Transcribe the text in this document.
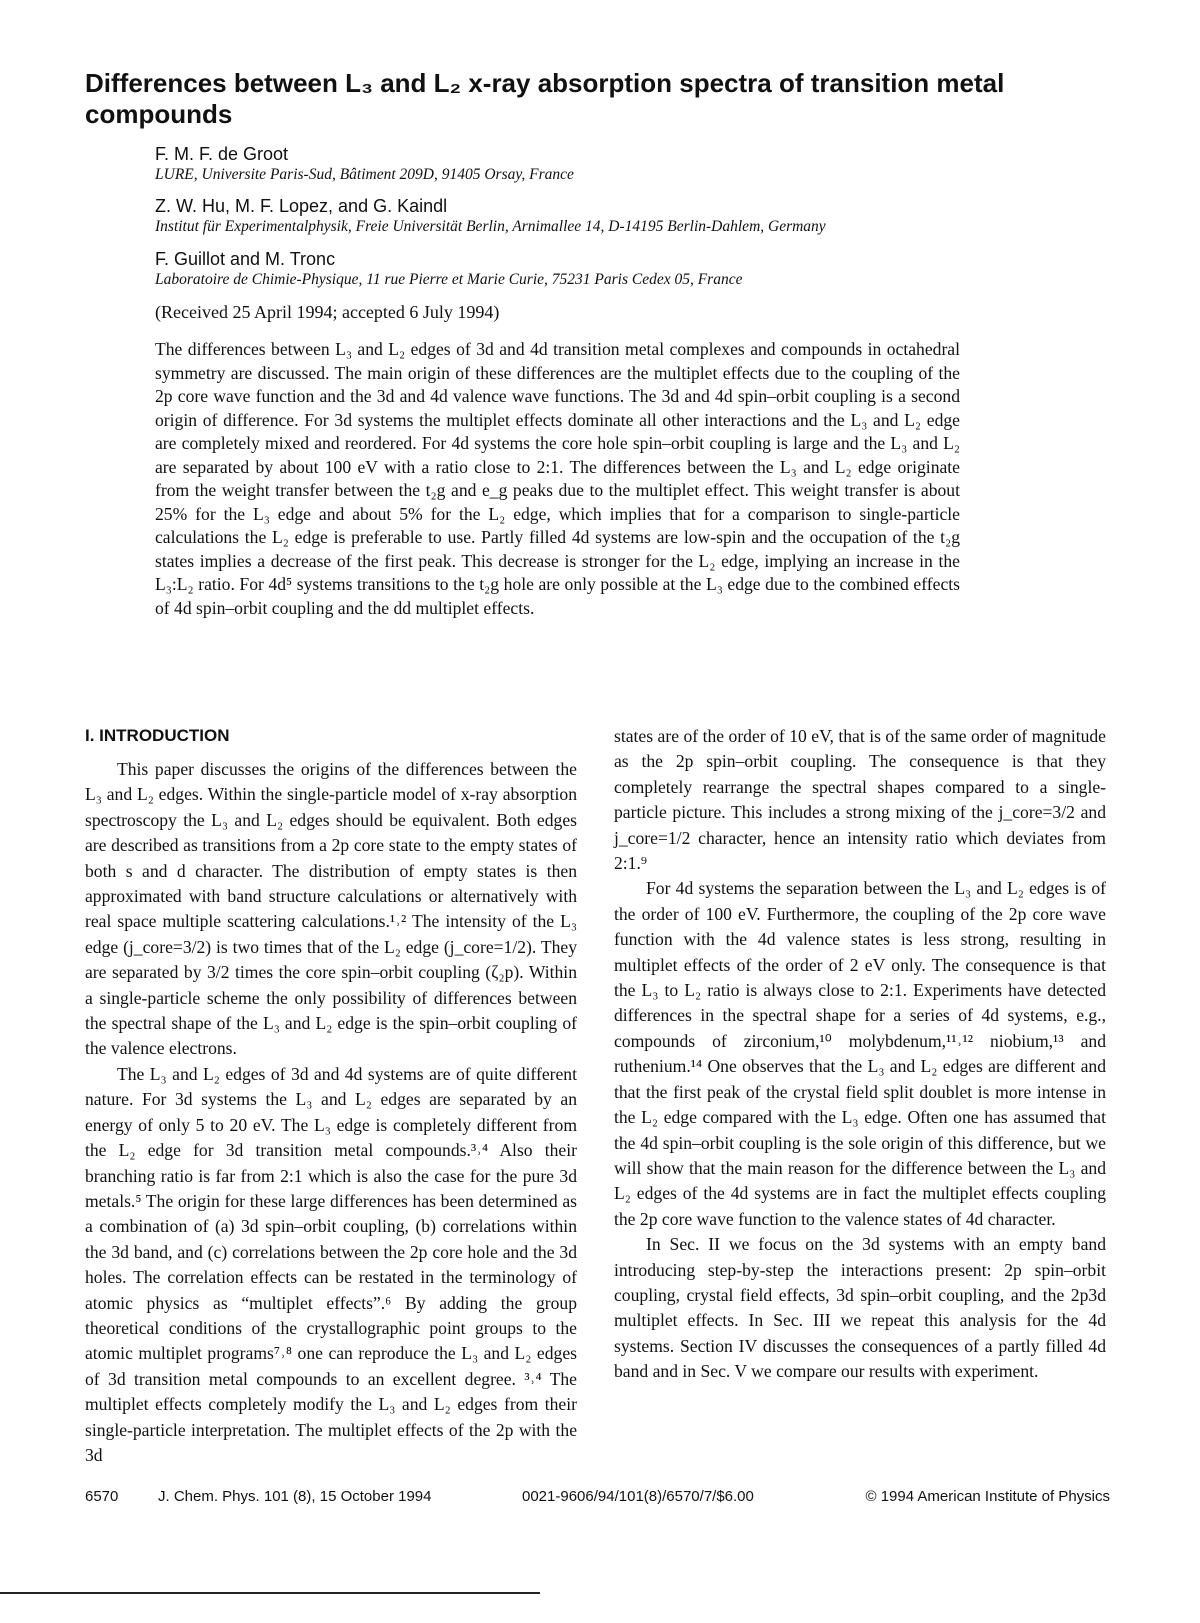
Differences between L₃ and L₂ x-ray absorption spectra of transition metal compounds
F. M. F. de Groot
LURE, Universite Paris-Sud, Bâtiment 209D, 91405 Orsay, France
Z. W. Hu, M. F. Lopez, and G. Kaindl
Institut für Experimentalphysik, Freie Universität Berlin, Arnimallee 14, D-14195 Berlin-Dahlem, Germany
F. Guillot and M. Tronc
Laboratoire de Chimie-Physique, 11 rue Pierre et Marie Curie, 75231 Paris Cedex 05, France
(Received 25 April 1994; accepted 6 July 1994)

The differences between L₃ and L₂ edges of 3d and 4d transition metal complexes and compounds in octahedral symmetry are discussed. The main origin of these differences are the multiplet effects due to the coupling of the 2p core wave function and the 3d and 4d valence wave functions. The 3d and 4d spin–orbit coupling is a second origin of difference. For 3d systems the multiplet effects dominate all other interactions and the L₃ and L₂ edge are completely mixed and reordered. For 4d systems the core hole spin–orbit coupling is large and the L₃ and L₂ are separated by about 100 eV with a ratio close to 2:1. The differences between the L₃ and L₂ edge originate from the weight transfer between the t₂g and e_g peaks due to the multiplet effect. This weight transfer is about 25% for the L₃ edge and about 5% for the L₂ edge, which implies that for a comparison to single-particle calculations the L₂ edge is preferable to use. Partly filled 4d systems are low-spin and the occupation of the t₂g states implies a decrease of the first peak. This decrease is stronger for the L₂ edge, implying an increase in the L₃:L₂ ratio. For 4d⁵ systems transitions to the t₂g hole are only possible at the L₃ edge due to the combined effects of 4d spin–orbit coupling and the dd multiplet effects.

I. INTRODUCTION

This paper discusses the origins of the differences between the L₃ and L₂ edges. Within the single-particle model of x-ray absorption spectroscopy the L₃ and L₂ edges should be equivalent. Both edges are described as transitions from a 2p core state to the empty states of both s and d character. The distribution of empty states is then approximated with band structure calculations or alternatively with real space multiple scattering calculations.¹˒² The intensity of the L₃ edge (j_core=3/2) is two times that of the L₂ edge (j_core=1/2). They are separated by 3/2 times the core spin–orbit coupling (ζ₂p). Within a single-particle scheme the only possibility of differences between the spectral shape of the L₃ and L₂ edge is the spin–orbit coupling of the valence electrons.

The L₃ and L₂ edges of 3d and 4d systems are of quite different nature. For 3d systems the L₃ and L₂ edges are separated by an energy of only 5 to 20 eV. The L₃ edge is completely different from the L₂ edge for 3d transition metal compounds.³˒⁴ Also their branching ratio is far from 2:1 which is also the case for the pure 3d metals.⁵ The origin for these large differences has been determined as a combination of (a) 3d spin–orbit coupling, (b) correlations within the 3d band, and (c) correlations between the 2p core hole and the 3d holes. The correlation effects can be restated in the terminology of atomic physics as “multiplet effects”.⁶ By adding the group theoretical conditions of the crystallographic point groups to the atomic multiplet programs⁷˒⁸ one can reproduce the L₃ and L₂ edges of 3d transition metal compounds to an excellent degree. ³˒⁴ The multiplet effects completely modify the L₃ and L₂ edges from their single-particle interpretation. The multiplet effects of the 2p with the 3d

states are of the order of 10 eV, that is of the same order of magnitude as the 2p spin–orbit coupling. The consequence is that they completely rearrange the spectral shapes compared to a single-particle picture. This includes a strong mixing of the j_core=3/2 and j_core=1/2 character, hence an intensity ratio which deviates from 2:1.⁹

For 4d systems the separation between the L₃ and L₂ edges is of the order of 100 eV. Furthermore, the coupling of the 2p core wave function with the 4d valence states is less strong, resulting in multiplet effects of the order of 2 eV only. The consequence is that the L₃ to L₂ ratio is always close to 2:1. Experiments have detected differences in the spectral shape for a series of 4d systems, e.g., compounds of zirconium,¹⁰ molybdenum,¹¹˒¹² niobium,¹³ and ruthenium.¹⁴ One observes that the L₃ and L₂ edges are different and that the first peak of the crystal field split doublet is more intense in the L₂ edge compared with the L₃ edge. Often one has assumed that the 4d spin–orbit coupling is the sole origin of this difference, but we will show that the main reason for the difference between the L₃ and L₂ edges of the 4d systems are in fact the multiplet effects coupling the 2p core wave function to the valence states of 4d character.

In Sec. II we focus on the 3d systems with an empty band introducing step-by-step the interactions present: 2p spin–orbit coupling, crystal field effects, 3d spin–orbit coupling, and the 2p3d multiplet effects. In Sec. III we repeat this analysis for the 4d systems. Section IV discusses the consequences of a partly filled 4d band and in Sec. V we compare our results with experiment.

6570	J. Chem. Phys. 101 (8), 15 October 1994	0021-9606/94/101(8)/6570/7/$6.00	© 1994 American Institute of Physics
